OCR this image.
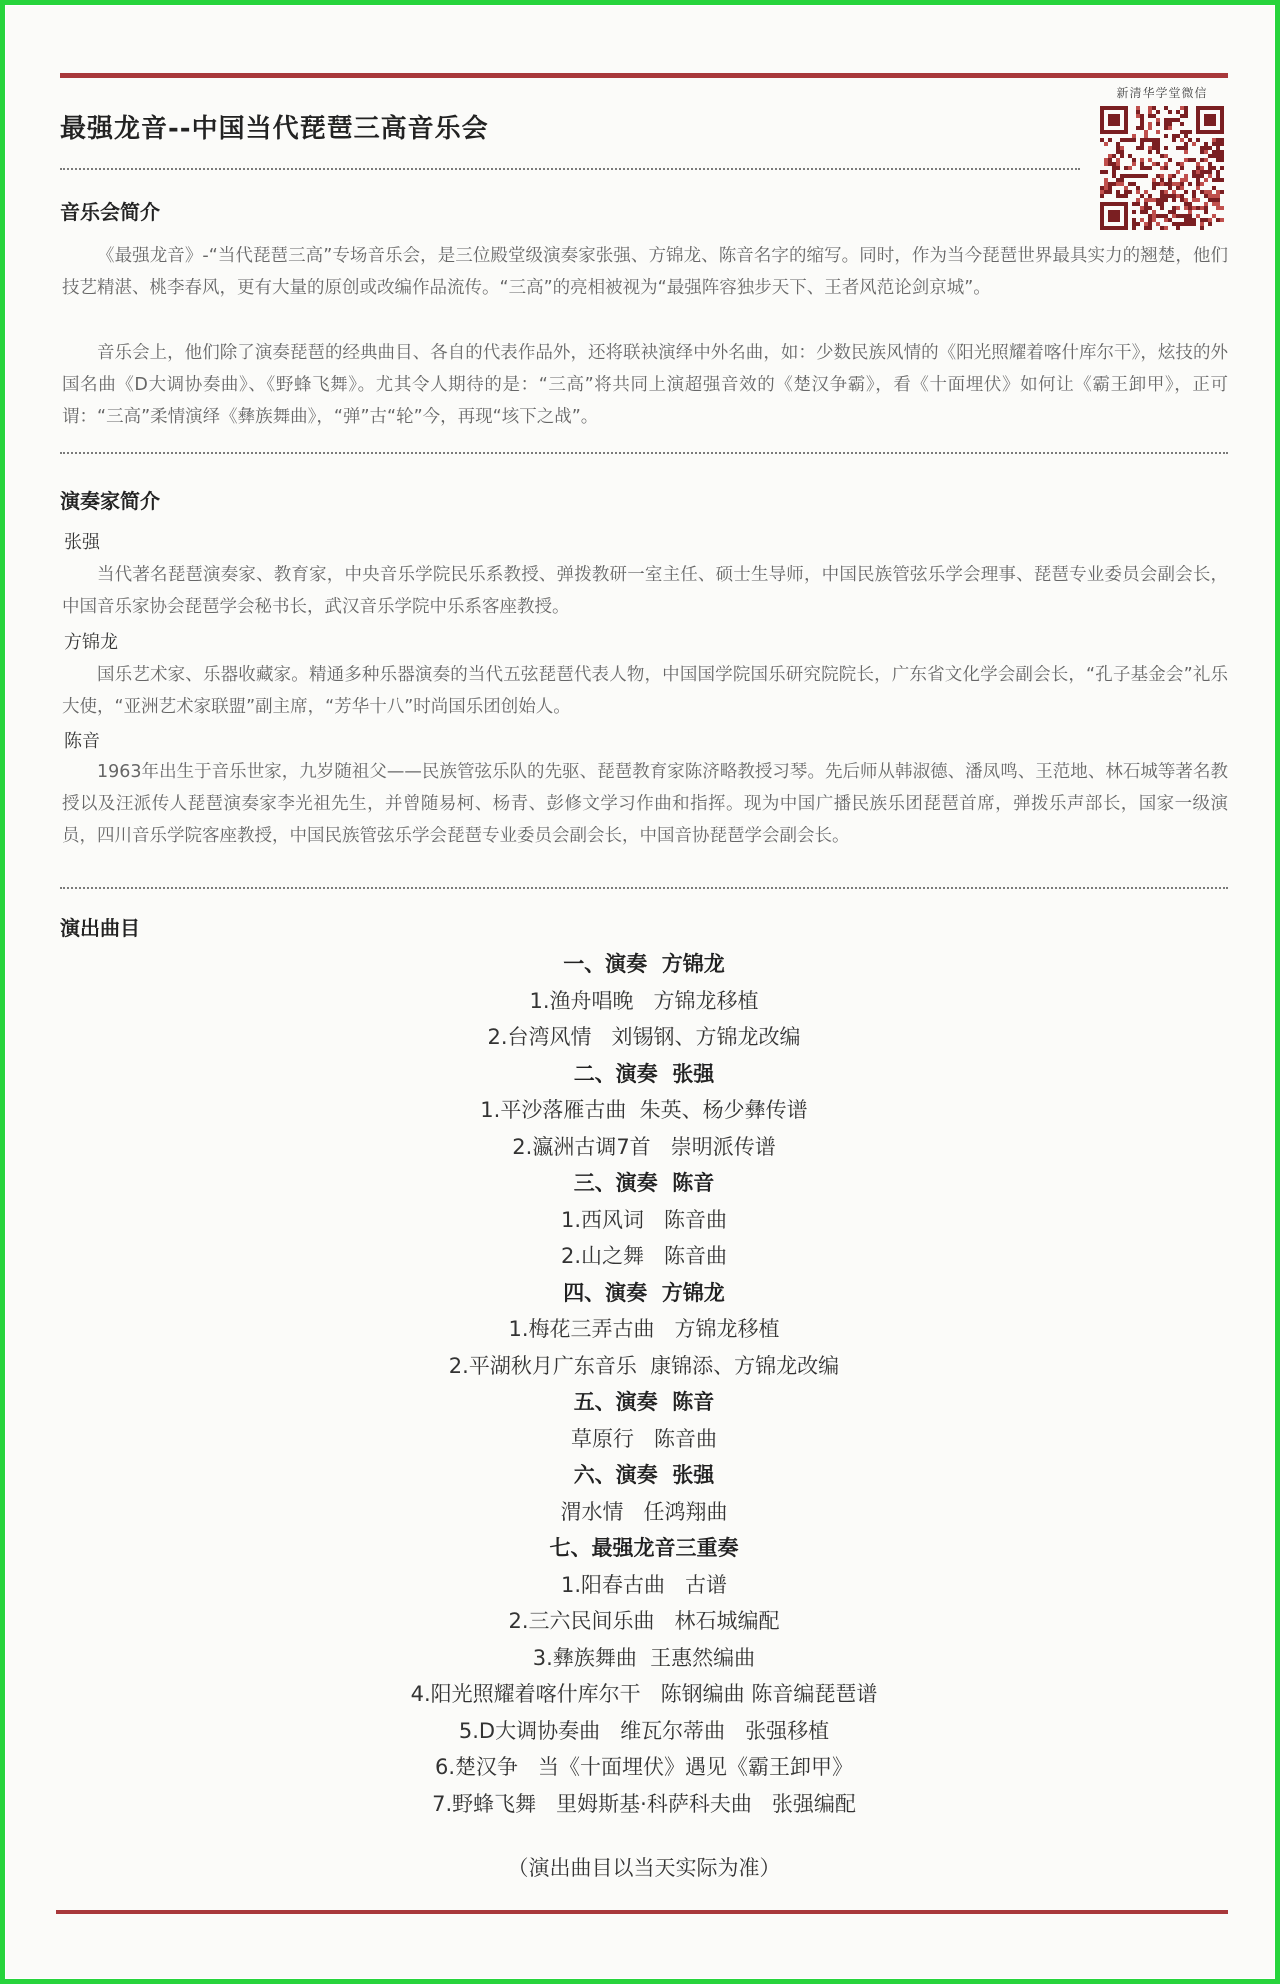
最强龙音--中国当代琵琶三高音乐会
新清华学堂微信
音乐会简介
《最强龙音》-“当代琵琶三高”专场音乐会，是三位殿堂级演奏家张强、方锦龙、陈音名字的缩写。同时，作为当今琵琶世界最具实力的翘楚，他们技艺精湛、桃李春风，更有大量的原创或改编作品流传。“三高”的亮相被视为“最强阵容独步天下、王者风范论剑京城”。
音乐会上，他们除了演奏琵琶的经典曲目、各自的代表作品外，还将联袂演绎中外名曲，如：少数民族风情的《阳光照耀着喀什库尔干》，炫技的外国名曲《D大调协奏曲》、《野蜂飞舞》。尤其令人期待的是：“三高”将共同上演超强音效的《楚汉争霸》，看《十面埋伏》如何让《霸王卸甲》，正可谓：“三高”柔情演绎《彝族舞曲》，“弹”古“轮”今，再现“垓下之战”。
演奏家简介
张强
当代著名琵琶演奏家、教育家，中央音乐学院民乐系教授、弹拨教研一室主任、硕士生导师，中国民族管弦乐学会理事、琵琶专业委员会副会长，中国音乐家协会琵琶学会秘书长，武汉音乐学院中乐系客座教授。
方锦龙
国乐艺术家、乐器收藏家。精通多种乐器演奏的当代五弦琵琶代表人物，中国国学院国乐研究院院长，广东省文化学会副会长，“孔子基金会”礼乐大使，“亚洲艺术家联盟”副主席，“芳华十八”时尚国乐团创始人。
陈音
1963年出生于音乐世家，九岁随祖父——民族管弦乐队的先驱、琵琶教育家陈济略教授习琴。先后师从韩淑德、潘凤鸣、王范地、林石城等著名教授以及汪派传人琵琶演奏家李光祖先生，并曾随易柯、杨青、彭修文学习作曲和指挥。现为中国广播民族乐团琵琶首席，弹拨乐声部长，国家一级演员，四川音乐学院客座教授，中国民族管弦乐学会琵琶专业委员会副会长，中国音协琵琶学会副会长。
演出曲目
一、演奏  方锦龙
1.渔舟唱晚   方锦龙移植
2.台湾风情   刘锡钢、方锦龙改编
二、演奏  张强
1.平沙落雁古曲  朱英、杨少彝传谱
2.瀛洲古调7首   崇明派传谱
三、演奏  陈音
1.西风词   陈音曲
2.山之舞   陈音曲
四、演奏  方锦龙
1.梅花三弄古曲   方锦龙移植
2.平湖秋月广东音乐  康锦添、方锦龙改编
五、演奏  陈音
草原行   陈音曲
六、演奏  张强
渭水情   任鸿翔曲
七、最强龙音三重奏
1.阳春古曲   古谱
2.三六民间乐曲   林石城编配
3.彝族舞曲  王惠然编曲
4.阳光照耀着喀什库尔干   陈钢编曲 陈音编琵琶谱
5.D大调协奏曲   维瓦尔蒂曲   张强移植
6.楚汉争   当《十面埋伏》遇见《霸王卸甲》
7.野蜂飞舞   里姆斯基·科萨科夫曲   张强编配
（演出曲目以当天实际为准）
